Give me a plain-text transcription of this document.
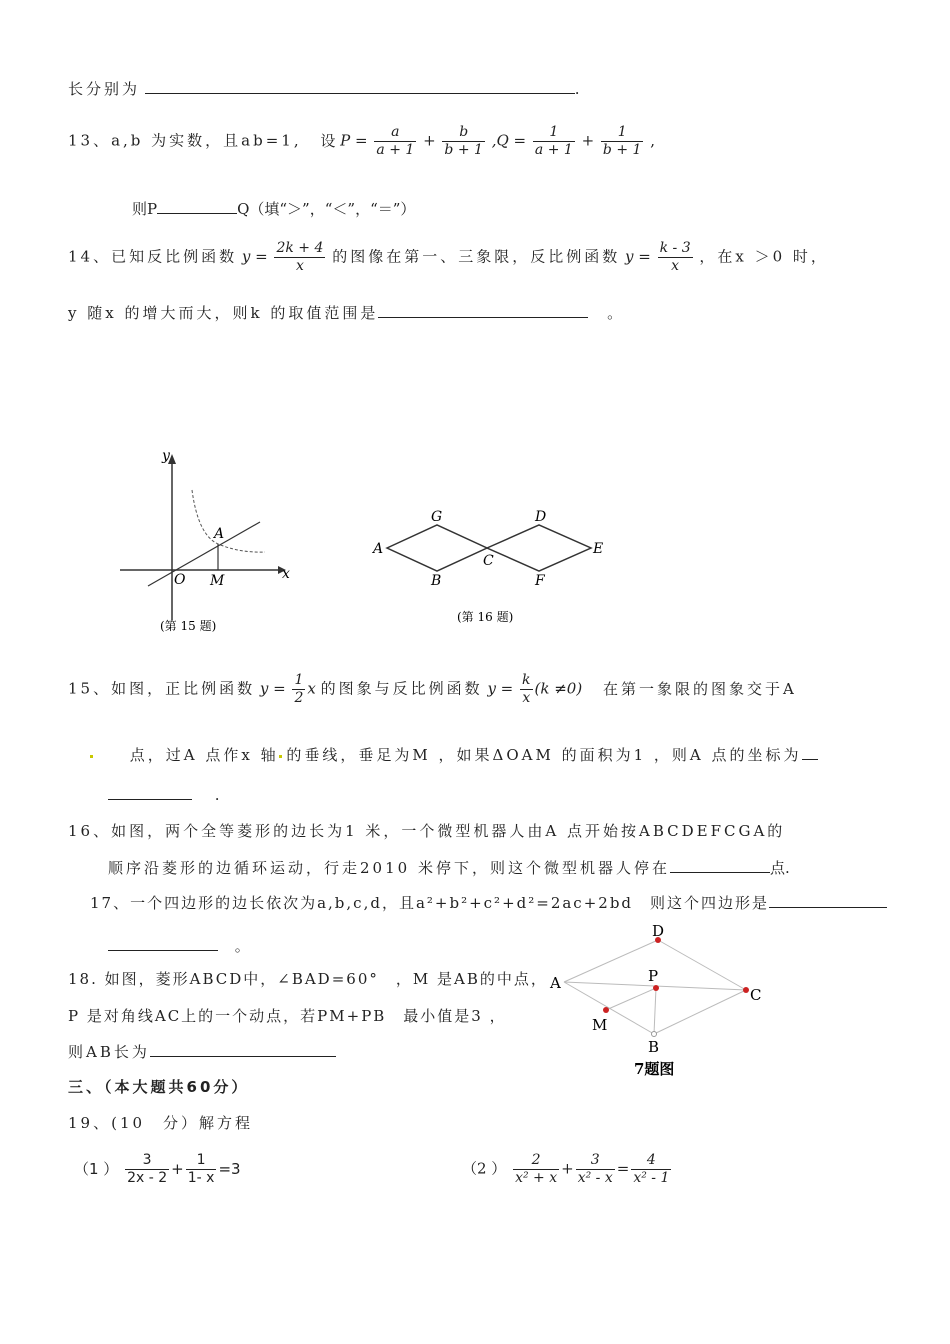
长分别为	.
13、a,b 为实数，且ab=1, 设 $P = \frac{a}{a + 1} + \frac{b}{b + 1} ,Q = \frac{1}{a + 1} + \frac{1}{b + 1}$ ,
则P	Q（填“＞”，“＜”，“＝”）
14、已知反比例函数 $y = \frac{2k + 4}{x}$ 的图像在第一、三象限，反比例函数 $y = \frac{k - 3}{x}$ ，在x ＞0 时，
y 随x 的增大而大，则k 的取值范围是	。
y
x
O
A
M
(第 15 题)
A
G
B
C
D
E
F
(第 16 题)
15、如图，正比例函数 $y = \frac{1}{2}$ x 的图象与反比例函数 $y = \frac{k}{x} (k \ne 0)$ 在第一象限的图象交于A
点，过A 点作x 轴 的垂线，垂足为M ，如果ΔOAM 的面积为1 ，则A 点的坐标为
.
16、如图，两个全等菱形的边长为1 米，一个微型机器人由A 点开始按ABCDEFCGA的
顺序沿菱形的边循环运动，行走2010 米停下，则这个微型机器人停在	点.
17、一个四边形的边长依次为a,b,c,d，且a²+b²+c²+d²=2ac+2bd　则这个四边形是
。
18. 如图，菱形ABCD中，∠BAD=60°　，M 是AB的中点，
P 是对角线AC上的一个动点，若PM+PB　最小值是3 ，
则AB长为
D
A	P
C
M
B
7题图
三、（本大题共60分）
19、(10　分）解方程
（1 ） $\frac{3}{2x - 2} + \frac{1}{1- x} =3$	（2 ） $\frac{2}{\text{x² + x}} + \frac{3}{\text{x² - x}} = \frac{4}{\text{x² - 1}}$
